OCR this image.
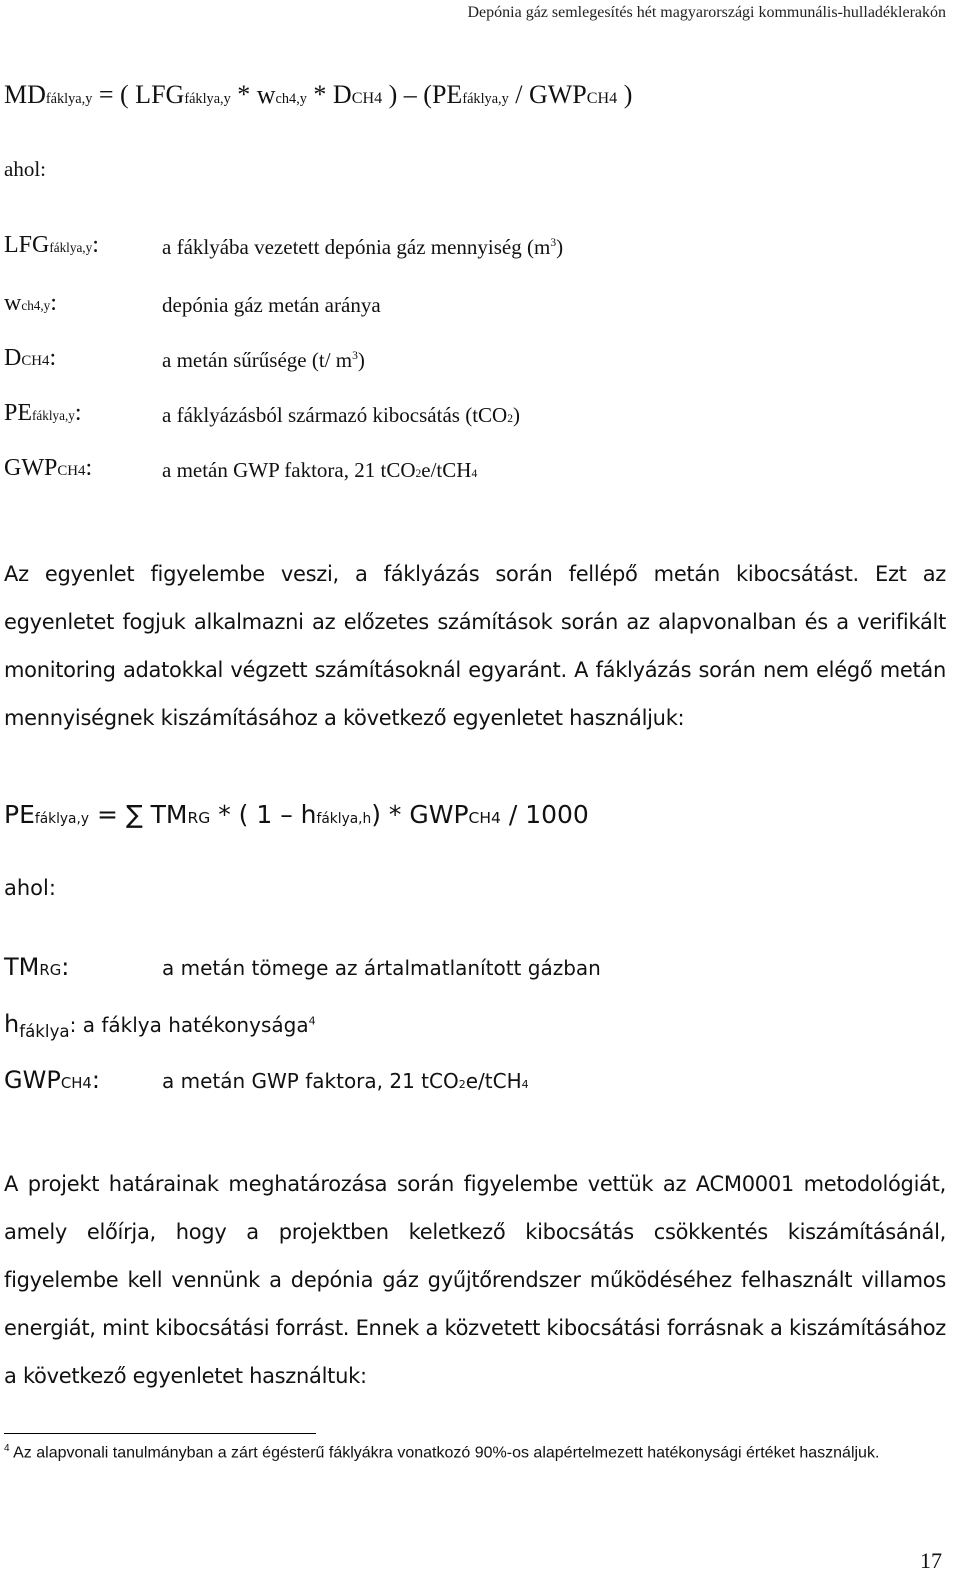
Depónia gáz semlegesítés hét magyarországi kommunális-hulladéklerakón
MDfáklya,y = ( LFGfáklya,y * wch4,y * DCH4 ) – (PEfáklya,y / GWPCH4 )
ahol:
LFGfáklya,y:	a fáklyába vezetett depónia gáz mennyiség $(m^3)$
wch4,y:	depónia gáz metán aránya
DCH4:	a metán sűrűsége (t/ $m^3$)
PEfáklya,y:	a fáklyázásból származó kibocsátás (tCO2)
GWPCH4:	a metán GWP faktora, 21 tCO2e/tCH4
Az egyenlet figyelembe veszi, a fáklyázás során fellépő metán kibocsátást. Ezt az egyenletet fogjuk alkalmazni az előzetes számítások során az alapvonalban és a verifikált monitoring adatokkal végzett számításoknál egyaránt. A fáklyázás során nem elégő metán mennyiségnek kiszámításához a következő egyenletet használjuk:
PEfáklya,y = ∑ TMRG * ( 1 – hfáklya,h) * GWPCH4 / 1000
ahol:
TMRG:	a metán tömege az ártalmatlanított gázban
$h_{fáklya}$: a fáklya hatékonysága$^4$
GWPCH4:	a metán GWP faktora, 21 tCO2e/tCH4
A projekt határainak meghatározása során figyelembe vettük az ACM0001 metodológiát, amely előírja, hogy a projektben keletkező kibocsátás csökkentés kiszámításánál, figyelembe kell vennünk a depónia gáz gyűjtőrendszer működéséhez felhasznált villamos energiát, mint kibocsátási forrást. Ennek a közvetett kibocsátási forrásnak a kiszámításához a következő egyenletet használtuk:
$^4$ Az alapvonali tanulmányban a zárt égésterű fáklyákra vonatkozó 90%-os alapértelmezett hatékonysági értéket használjuk.
17
